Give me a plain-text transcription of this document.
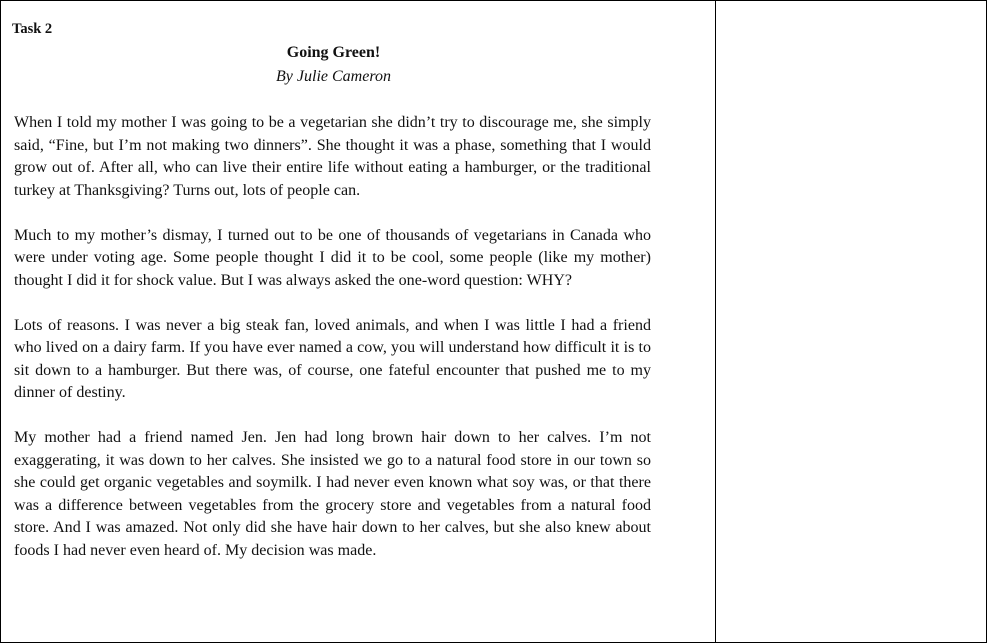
Task 2
Going Green!
By Julie Cameron

When I told my mother I was going to be a vegetarian she didn’t try to discourage me, she simply said, “Fine, but I’m not making two dinners”. She thought it was a phase, something that I would grow out of. After all, who can live their entire life without eating a hamburger, or the traditional turkey at Thanksgiving? Turns out, lots of people can.

Much to my mother’s dismay, I turned out to be one of thousands of vegetarians in Canada who were under voting age. Some people thought I did it to be cool, some people (like my mother) thought I did it for shock value. But I was always asked the one-word question: WHY?

Lots of reasons. I was never a big steak fan, loved animals, and when I was little I had a friend who lived on a dairy farm. If you have ever named a cow, you will understand how difficult it is to sit down to a hamburger. But there was, of course, one fateful encounter that pushed me to my dinner of destiny.

My mother had a friend named Jen. Jen had long brown hair down to her calves. I’m not exaggerating, it was down to her calves. She insisted we go to a natural food store in our town so she could get organic vegetables and soymilk. I had never even known what soy was, or that there was a difference between vegetables from the grocery store and vegetables from a natural food store. And I was amazed. Not only did she have hair down to her calves, but she also knew about foods I had never even heard of. My decision was made.
